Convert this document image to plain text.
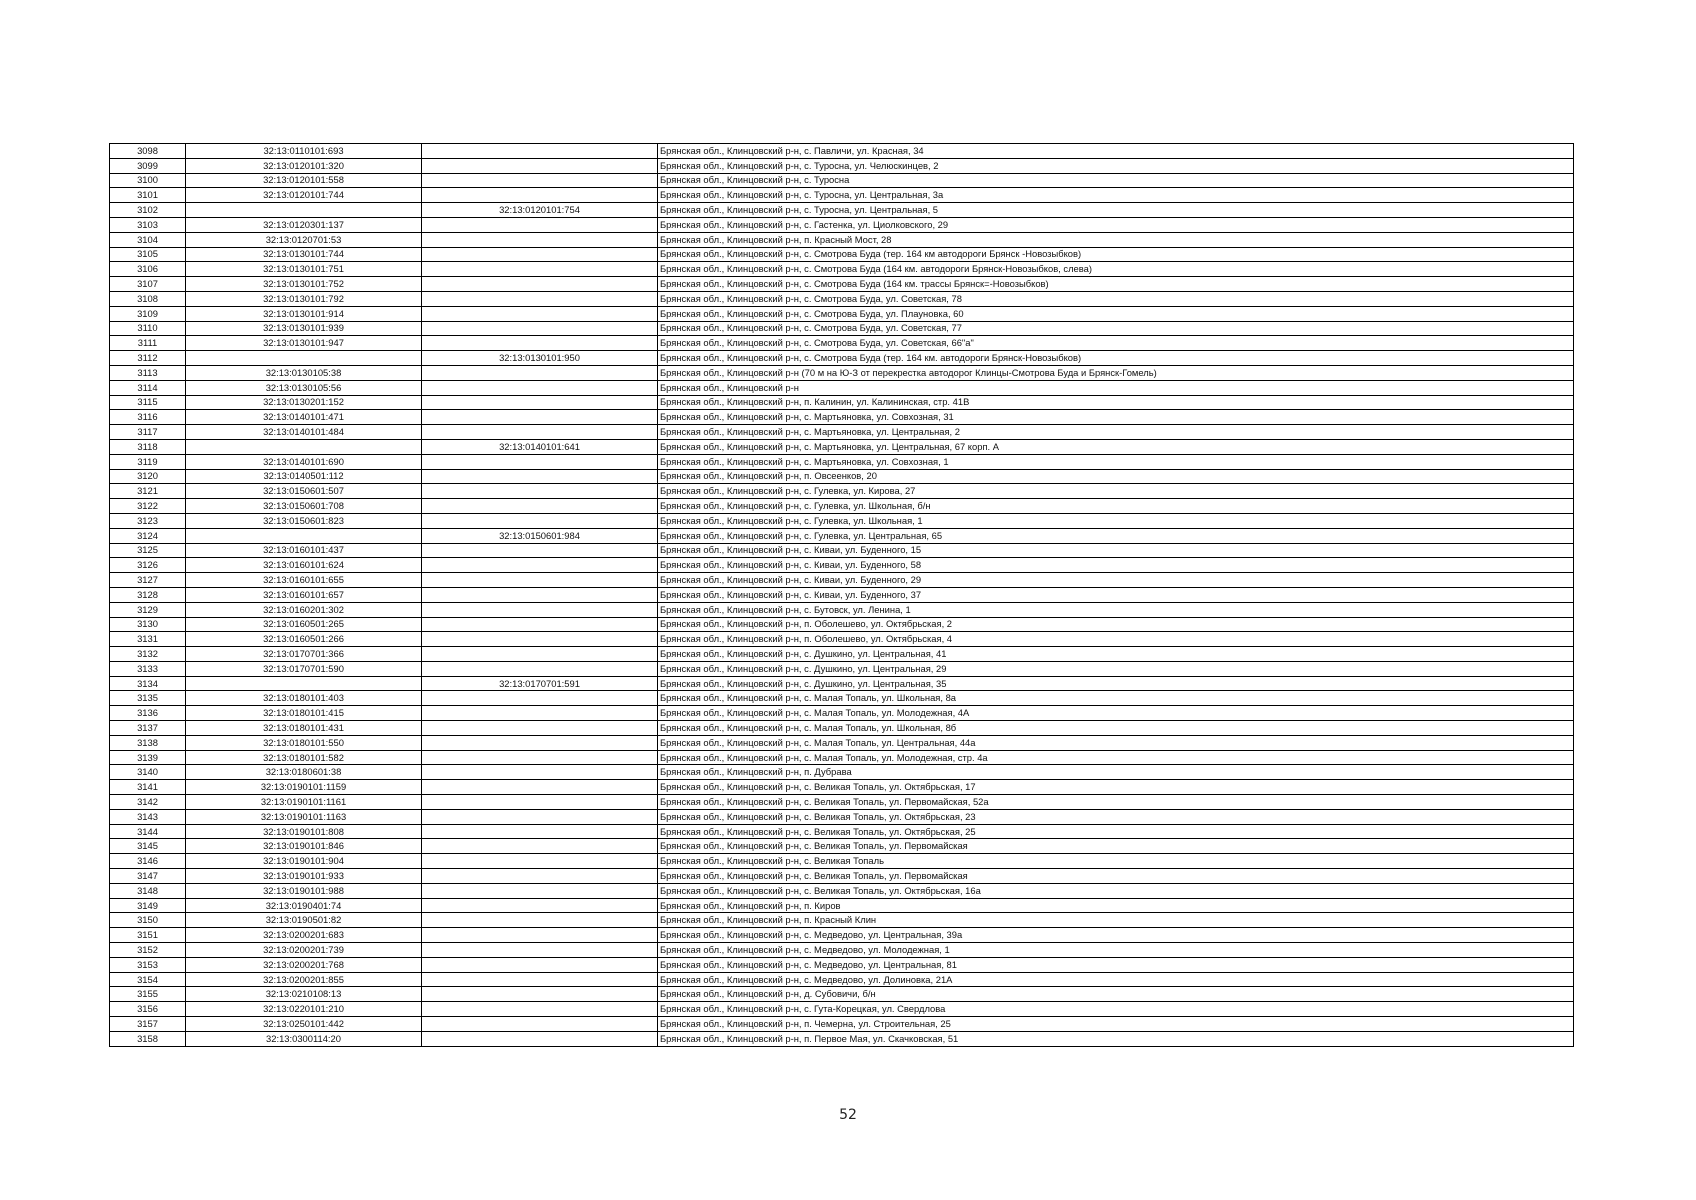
3098	32:13:0110101:693		Брянская обл., Клинцовский р-н, с. Павличи, ул. Красная, 34
3099	32:13:0120101:320		Брянская обл., Клинцовский р-н, с. Туросна, ул. Челюскинцев, 2
3100	32:13:0120101:558		Брянская обл., Клинцовский р-н, с. Туросна
3101	32:13:0120101:744		Брянская обл., Клинцовский р-н, с. Туросна, ул. Центральная, 3а
3102		32:13:0120101:754	Брянская обл., Клинцовский р-н, с. Туросна, ул. Центральная, 5
3103	32:13:0120301:137		Брянская обл., Клинцовский р-н, с. Гастенка, ул. Циолковского, 29
3104	32:13:0120701:53		Брянская обл., Клинцовский р-н, п. Красный Мост, 28
3105	32:13:0130101:744		Брянская обл., Клинцовский р-н, с. Смотрова Буда (тер. 164 км автодороги Брянск -Новозыбков)
3106	32:13:0130101:751		Брянская обл., Клинцовский р-н, с. Смотрова Буда (164 км. автодороги Брянск-Новозыбков, слева)
3107	32:13:0130101:752		Брянская обл., Клинцовский р-н, с. Смотрова Буда (164 км. трассы Брянск=-Новозыбков)
3108	32:13:0130101:792		Брянская обл., Клинцовский р-н, с. Смотрова Буда, ул. Советская, 78
3109	32:13:0130101:914		Брянская обл., Клинцовский р-н, с. Смотрова Буда, ул. Плауновка, 60
3110	32:13:0130101:939		Брянская обл., Клинцовский р-н, с. Смотрова Буда, ул. Советская, 77
3111	32:13:0130101:947		Брянская обл., Клинцовский р-н, с. Смотрова Буда, ул. Советская, 66"а"
3112		32:13:0130101:950	Брянская обл., Клинцовский р-н, с. Смотрова Буда (тер. 164 км. автодороги Брянск-Новозыбков)
3113	32:13:0130105:38		Брянская обл., Клинцовский р-н (70 м на Ю-З от перекрестка автодорог Клинцы-Смотрова Буда и Брянск-Гомель)
3114	32:13:0130105:56		Брянская обл., Клинцовский р-н
3115	32:13:0130201:152		Брянская обл., Клинцовский р-н, п. Калинин, ул. Калининская, стр. 41В
3116	32:13:0140101:471		Брянская обл., Клинцовский р-н, с. Мартьяновка, ул. Совхозная, 31
3117	32:13:0140101:484		Брянская обл., Клинцовский р-н, с. Мартьяновка, ул. Центральная, 2
3118		32:13:0140101:641	Брянская обл., Клинцовский р-н, с. Мартьяновка, ул. Центральная, 67 корп. А
3119	32:13:0140101:690		Брянская обл., Клинцовский р-н, с. Мартьяновка, ул. Совхозная, 1
3120	32:13:0140501:112		Брянская обл., Клинцовский р-н, п. Овсеенков, 20
3121	32:13:0150601:507		Брянская обл., Клинцовский р-н, с. Гулевка, ул. Кирова, 27
3122	32:13:0150601:708		Брянская обл., Клинцовский р-н, с. Гулевка, ул. Школьная, б/н
3123	32:13:0150601:823		Брянская обл., Клинцовский р-н, с. Гулевка, ул. Школьная, 1
3124		32:13:0150601:984	Брянская обл., Клинцовский р-н, с. Гулевка, ул. Центральная, 65
3125	32:13:0160101:437		Брянская обл., Клинцовский р-н, с. Киваи, ул. Буденного, 15
3126	32:13:0160101:624		Брянская обл., Клинцовский р-н, с. Киваи, ул. Буденного, 58
3127	32:13:0160101:655		Брянская обл., Клинцовский р-н, с. Киваи, ул. Буденного, 29
3128	32:13:0160101:657		Брянская обл., Клинцовский р-н, с. Киваи, ул. Буденного, 37
3129	32:13:0160201:302		Брянская обл., Клинцовский р-н, с. Бутовск, ул. Ленина, 1
3130	32:13:0160501:265		Брянская обл., Клинцовский р-н, п. Оболешево, ул. Октябрьская, 2
3131	32:13:0160501:266		Брянская обл., Клинцовский р-н, п. Оболешево, ул. Октябрьская, 4
3132	32:13:0170701:366		Брянская обл., Клинцовский р-н, с. Душкино, ул. Центральная, 41
3133	32:13:0170701:590		Брянская обл., Клинцовский р-н, с. Душкино, ул. Центральная, 29
3134		32:13:0170701:591	Брянская обл., Клинцовский р-н, с. Душкино, ул. Центральная, 35
3135	32:13:0180101:403		Брянская обл., Клинцовский р-н, с. Малая Топаль, ул. Школьная, 8а
3136	32:13:0180101:415		Брянская обл., Клинцовский р-н, с. Малая Топаль, ул. Молодежная, 4А
3137	32:13:0180101:431		Брянская обл., Клинцовский р-н, с. Малая Топаль, ул. Школьная, 8б
3138	32:13:0180101:550		Брянская обл., Клинцовский р-н, с. Малая Топаль, ул. Центральная, 44а
3139	32:13:0180101:582		Брянская обл., Клинцовский р-н, с. Малая Топаль, ул. Молодежная, стр. 4а
3140	32:13:0180601:38		Брянская обл., Клинцовский р-н, п. Дубрава
3141	32:13:0190101:1159		Брянская обл., Клинцовский р-н, с. Великая Топаль, ул. Октябрьская, 17
3142	32:13:0190101:1161		Брянская обл., Клинцовский р-н, с. Великая Топаль, ул. Первомайская, 52а
3143	32:13:0190101:1163		Брянская обл., Клинцовский р-н, с. Великая Топаль, ул. Октябрьская, 23
3144	32:13:0190101:808		Брянская обл., Клинцовский р-н, с. Великая Топаль, ул. Октябрьская, 25
3145	32:13:0190101:846		Брянская обл., Клинцовский р-н, с. Великая Топаль, ул. Первомайская
3146	32:13:0190101:904		Брянская обл., Клинцовский р-н, с. Великая Топаль
3147	32:13:0190101:933		Брянская обл., Клинцовский р-н, с. Великая Топаль, ул. Первомайская
3148	32:13:0190101:988		Брянская обл., Клинцовский р-н, с. Великая Топаль, ул. Октябрьская, 16а
3149	32:13:0190401:74		Брянская обл., Клинцовский р-н, п. Киров
3150	32:13:0190501:82		Брянская обл., Клинцовский р-н, п. Красный Клин
3151	32:13:0200201:683		Брянская обл., Клинцовский р-н, с. Медведово, ул. Центральная, 39а
3152	32:13:0200201:739		Брянская обл., Клинцовский р-н, с. Медведово, ул. Молодежная, 1
3153	32:13:0200201:768		Брянская обл., Клинцовский р-н, с. Медведово, ул. Центральная, 81
3154	32:13:0200201:855		Брянская обл., Клинцовский р-н, с. Медведово, ул. Долиновка, 21А
3155	32:13:0210108:13		Брянская обл., Клинцовский р-н, д. Субовичи, б/н
3156	32:13:0220101:210		Брянская обл., Клинцовский р-н, с. Гута-Корецкая, ул. Свердлова
3157	32:13:0250101:442		Брянская обл., Клинцовский р-н, п. Чемерна, ул. Строительная, 25
3158	32:13:0300114:20		Брянская обл., Клинцовский р-н, п. Первое Мая, ул. Скачковская, 51
52
